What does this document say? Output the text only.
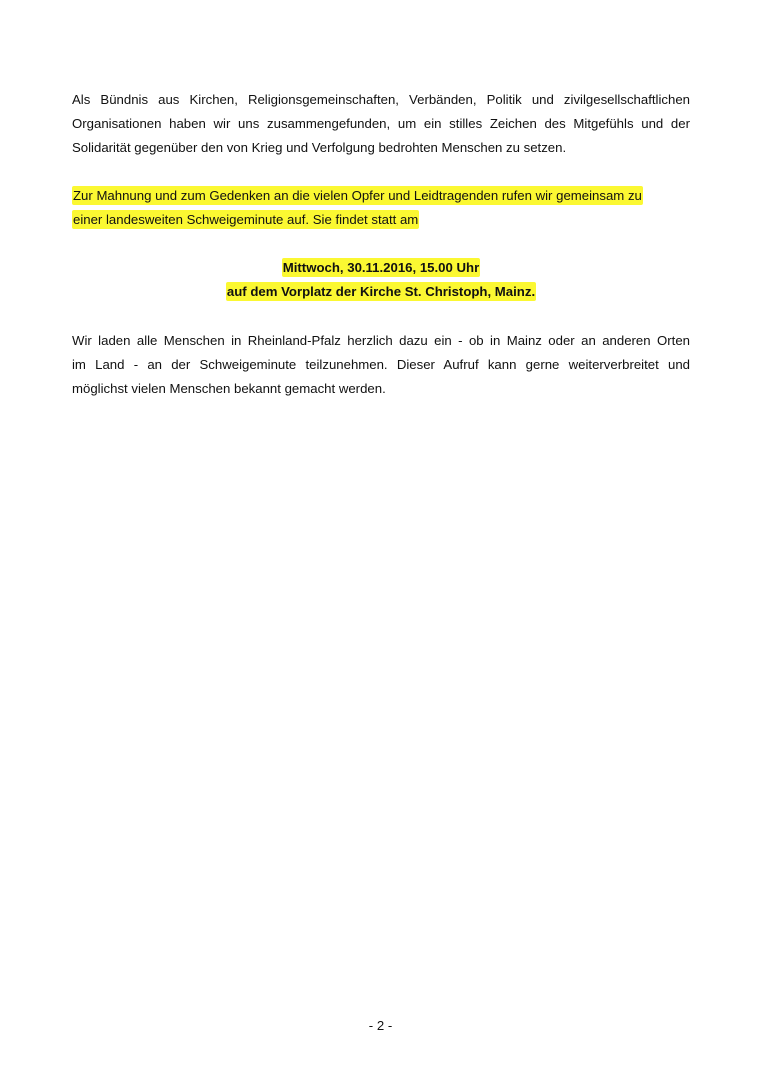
Als Bündnis aus Kirchen, Religionsgemeinschaften, Verbänden, Politik und zivilgesellschaftlichen
Organisationen haben wir uns zusammengefunden, um ein stilles Zeichen des Mitgefühls und der
Solidarität gegenüber den von Krieg und Verfolgung bedrohten Menschen zu setzen.

Zur Mahnung und zum Gedenken an die vielen Opfer und Leidtragenden rufen wir gemeinsam zu
einer landesweiten Schweigeminute auf. Sie findet statt am

Mittwoch, 30.11.2016, 15.00 Uhr
auf dem Vorplatz der Kirche St. Christoph, Mainz.

Wir laden alle Menschen in Rheinland-Pfalz herzlich dazu ein - ob in Mainz oder an anderen Orten
im Land - an der Schweigeminute teilzunehmen. Dieser Aufruf kann gerne weiterverbreitet und
möglichst vielen Menschen bekannt gemacht werden.

- 2 -
